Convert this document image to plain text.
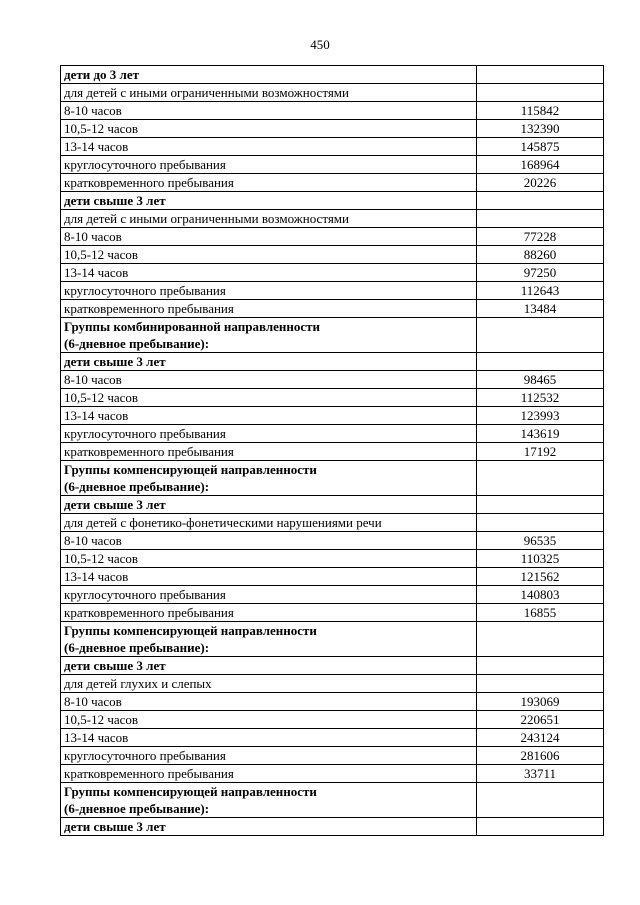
450
дети до 3 лет	
для детей с иными ограниченными возможностями	
8-10 часов	115842
10,5-12 часов	132390
13-14 часов	145875
круглосуточного пребывания	168964
кратковременного пребывания	20226
дети свыше 3 лет	
для детей с иными ограниченными возможностями	
8-10 часов	77228
10,5-12 часов	88260
13-14 часов	97250
круглосуточного пребывания	112643
кратковременного пребывания	13484
Группы комбинированной направленности
(6-дневное пребывание):	
дети свыше 3 лет	
8-10 часов	98465
10,5-12 часов	112532
13-14 часов	123993
круглосуточного пребывания	143619
кратковременного пребывания	17192
Группы компенсирующей направленности
(6-дневное пребывание):	
дети свыше 3 лет	
для детей с фонетико-фонетическими нарушениями речи	
8-10 часов	96535
10,5-12 часов	110325
13-14 часов	121562
круглосуточного пребывания	140803
кратковременного пребывания	16855
Группы компенсирующей направленности
(6-дневное пребывание):	
дети свыше 3 лет	
для детей глухих и слепых	
8-10 часов	193069
10,5-12 часов	220651
13-14 часов	243124
круглосуточного пребывания	281606
кратковременного пребывания	33711
Группы компенсирующей направленности
(6-дневное пребывание):	
дети свыше 3 лет	
